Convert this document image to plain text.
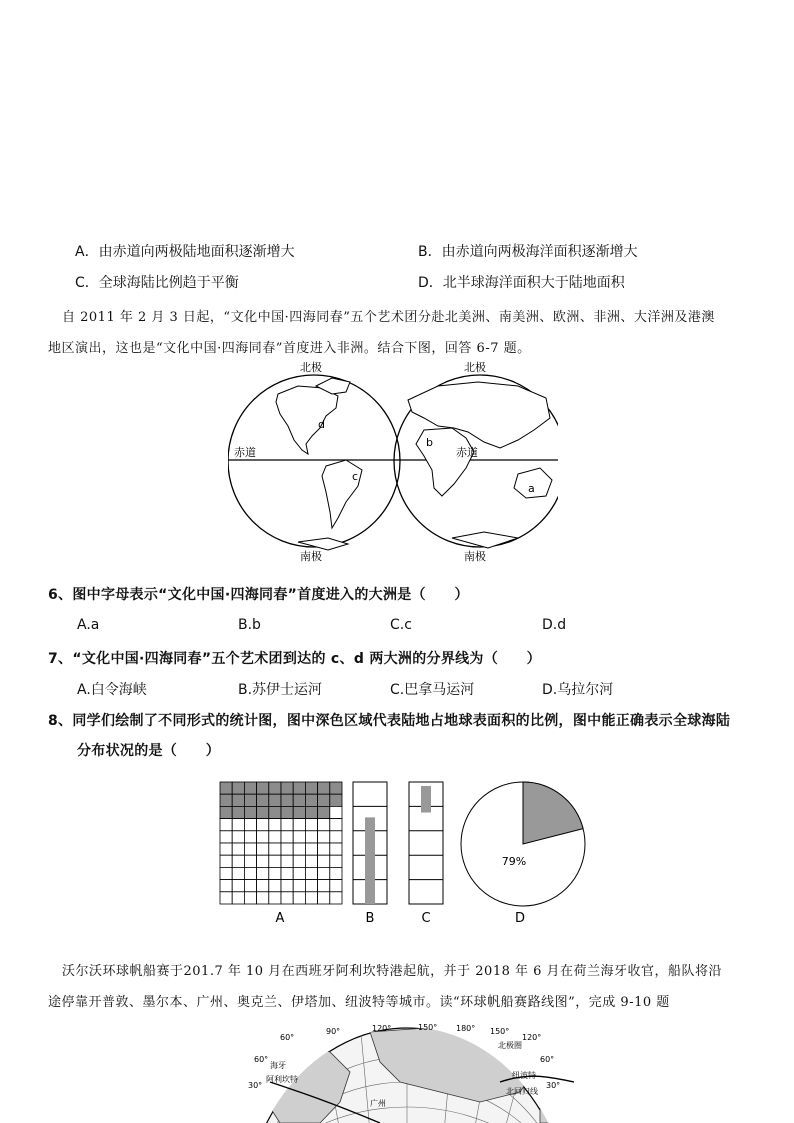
A．由赤道向两极陆地面积逐渐增大	B．由赤道向两极海洋面积逐渐增大
C．全球海陆比例趋于平衡	D．北半球海洋面积大于陆地面积
自 2011 年 2 月 3 日起，“文化中国·四海同春”五个艺术团分赴北美洲、南美洲、欧洲、非洲、大洋洲及港澳
地区演出，这也是“文化中国·四海同春”首度进入非洲。结合下图，回答 6-7 题。
北极	北极
南极	南极
赤道	赤道
d
c
b
a
6、图中字母表示“文化中国·四海同春”首度进入的大洲是（　　）
A.a	B.b	C.c	D.d
7、“文化中国·四海同春”五个艺术团到达的 c、d 两大洲的分界线为（　　）
A.白令海峡	B.苏伊士运河	C.巴拿马运河	D.乌拉尔河
8、同学们绘制了不同形式的统计图，图中深色区域代表陆地占地球表面积的比例，图中能正确表示全球海陆
分布状况的是（　　）
A	B	C	D
79%
沃尔沃环球帆船赛于201.7 年 10 月在西班牙阿利坎特港起航，并于 2018 年 6 月在荷兰海牙收官，船队将沿
途停靠开普敦、墨尔本、广州、奥克兰、伊塔加、纽波特等城市。读“环球帆船赛路线图”，完成 9-10 题
60°
90°	120°	150° 180° 150°
120°
60°
30°
60°
30°
北极圈
海牙
阿利坎特	纽波特
广州
北回归线
